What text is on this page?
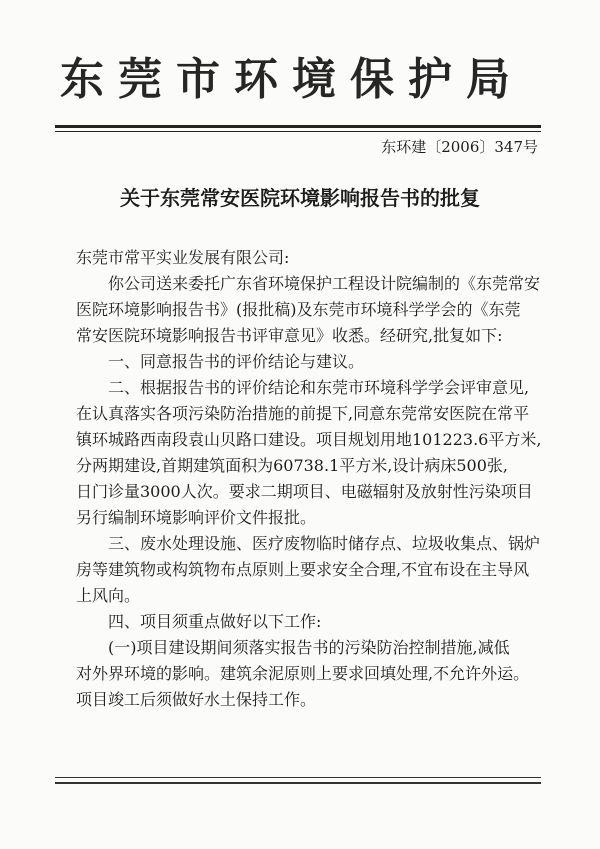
东莞市环境保护局
东环建〔2006〕347号
关于东莞常安医院环境影响报告书的批复

东莞市常平实业发展有限公司:

你公司送来委托广东省环境保护工程设计院编制的《东莞常安

医院环境影响报告书》(报批稿)及东莞市环境科学学会的《东莞

常安医院环境影响报告书评审意见》收悉。经研究,批复如下:

一、同意报告书的评价结论与建议。

二、根据报告书的评价结论和东莞市环境科学学会评审意见,

在认真落实各项污染防治措施的前提下,同意东莞常安医院在常平

镇环城路西南段袁山贝路口建设。项目规划用地101223.6平方米,

分两期建设,首期建筑面积为60738.1平方米,设计病床500张,

日门诊量3000人次。要求二期项目、电磁辐射及放射性污染项目

另行编制环境影响评价文件报批。

三、废水处理设施、医疗废物临时储存点、垃圾收集点、锅炉

房等建筑物或构筑物布点原则上要求安全合理,不宜布设在主导风

上风向。

四、项目须重点做好以下工作:

(一)项目建设期间须落实报告书的污染防治控制措施,减低

对外界环境的影响。建筑余泥原则上要求回填处理,不允许外运。

项目竣工后须做好水土保持工作。
